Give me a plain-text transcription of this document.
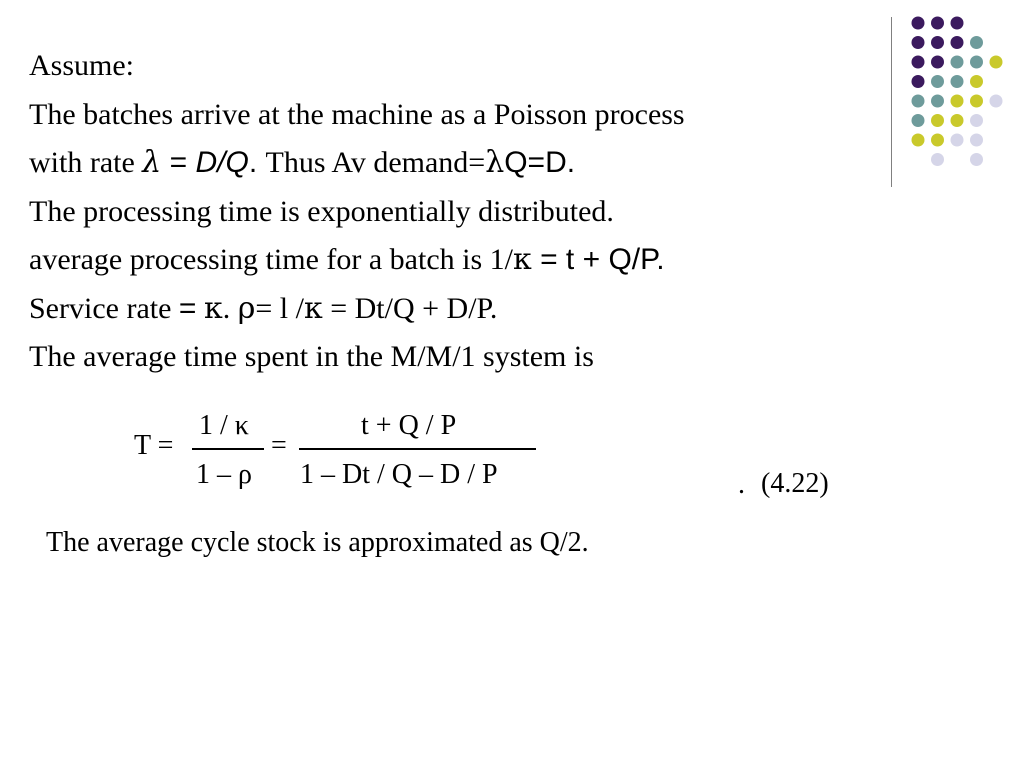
Assume:
The batches arrive at the machine as a Poisson process
with rate λ = D/Q. Thus Av demand=λQ=D.
The processing time is exponentially distributed.
average processing time for a batch is 1/κ = t + Q/P.
Service rate = κ. ρ= l /κ = Dt/Q + D/P.
The average time spent in the M/M/1 system is
T =
1 / κ
1 – ρ
=
t + Q / P
1 – Dt / Q – D / P	. (4.22)
The average cycle stock is approximated as Q/2.
